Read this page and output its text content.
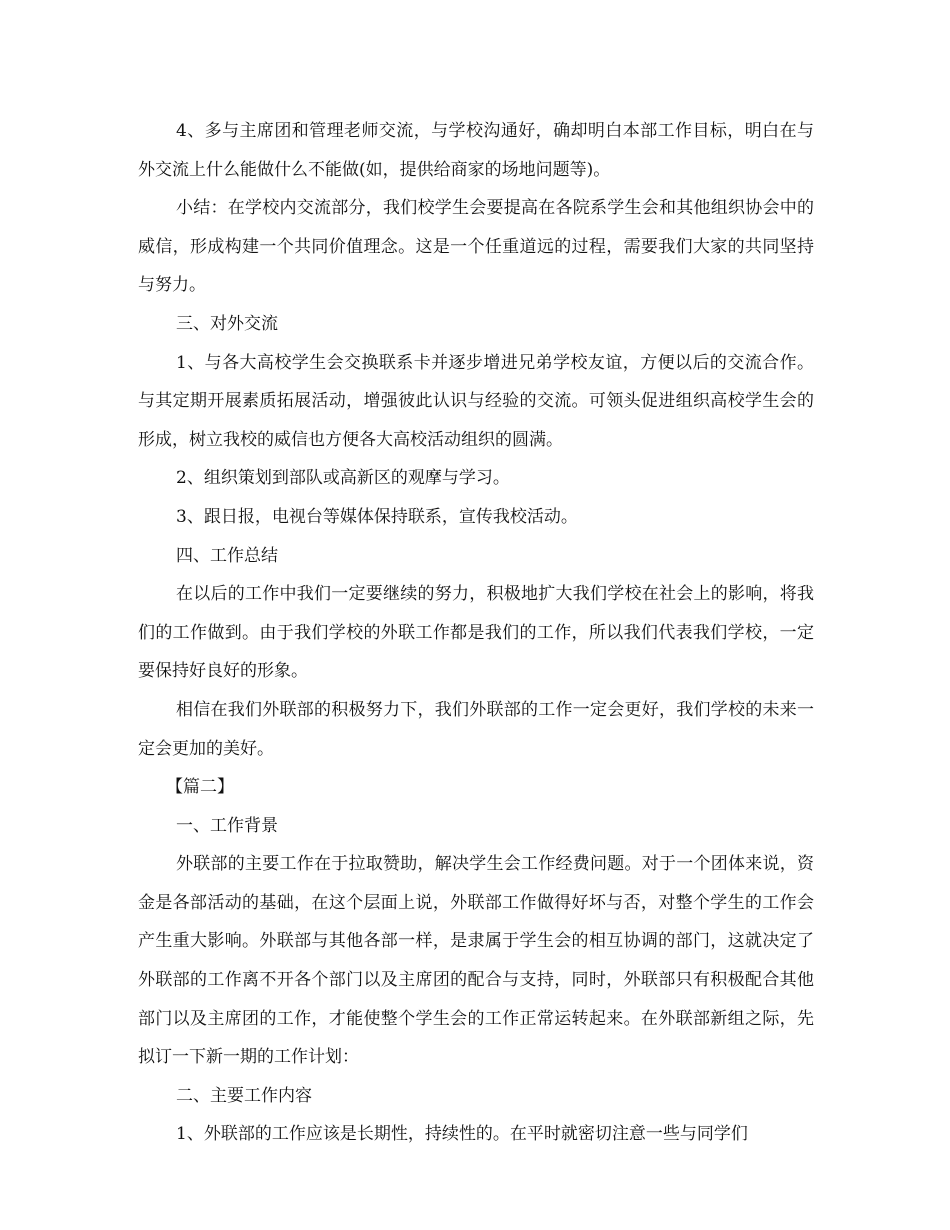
4、多与主席团和管理老师交流，与学校沟通好，确却明白本部工作目标，明白在与外交流上什么能做什么不能做(如，提供给商家的场地问题等)。

小结：在学校内交流部分，我们校学生会要提高在各院系学生会和其他组织协会中的威信，形成构建一个共同价值理念。这是一个任重道远的过程，需要我们大家的共同坚持与努力。

三、对外交流

1、与各大高校学生会交换联系卡并逐步增进兄弟学校友谊，方便以后的交流合作。与其定期开展素质拓展活动，增强彼此认识与经验的交流。可领头促进组织高校学生会的形成，树立我校的威信也方便各大高校活动组织的圆满。

2、组织策划到部队或高新区的观摩与学习。

3、跟日报，电视台等媒体保持联系，宣传我校活动。

四、工作总结

在以后的工作中我们一定要继续的努力，积极地扩大我们学校在社会上的影响，将我们的工作做到。由于我们学校的外联工作都是我们的工作，所以我们代表我们学校，一定要保持好良好的形象。

相信在我们外联部的积极努力下，我们外联部的工作一定会更好，我们学校的未来一定会更加的美好。

【篇二】

一、工作背景

外联部的主要工作在于拉取赞助，解决学生会工作经费问题。对于一个团体来说，资金是各部活动的基础，在这个层面上说，外联部工作做得好坏与否，对整个学生的工作会产生重大影响。外联部与其他各部一样，是隶属于学生会的相互协调的部门，这就决定了外联部的工作离不开各个部门以及主席团的配合与支持，同时，外联部只有积极配合其他部门以及主席团的工作，才能使整个学生会的工作正常运转起来。在外联部新组之际，先拟订一下新一期的工作计划：

二、主要工作内容

1、外联部的工作应该是长期性，持续性的。在平时就密切注意一些与同学们
